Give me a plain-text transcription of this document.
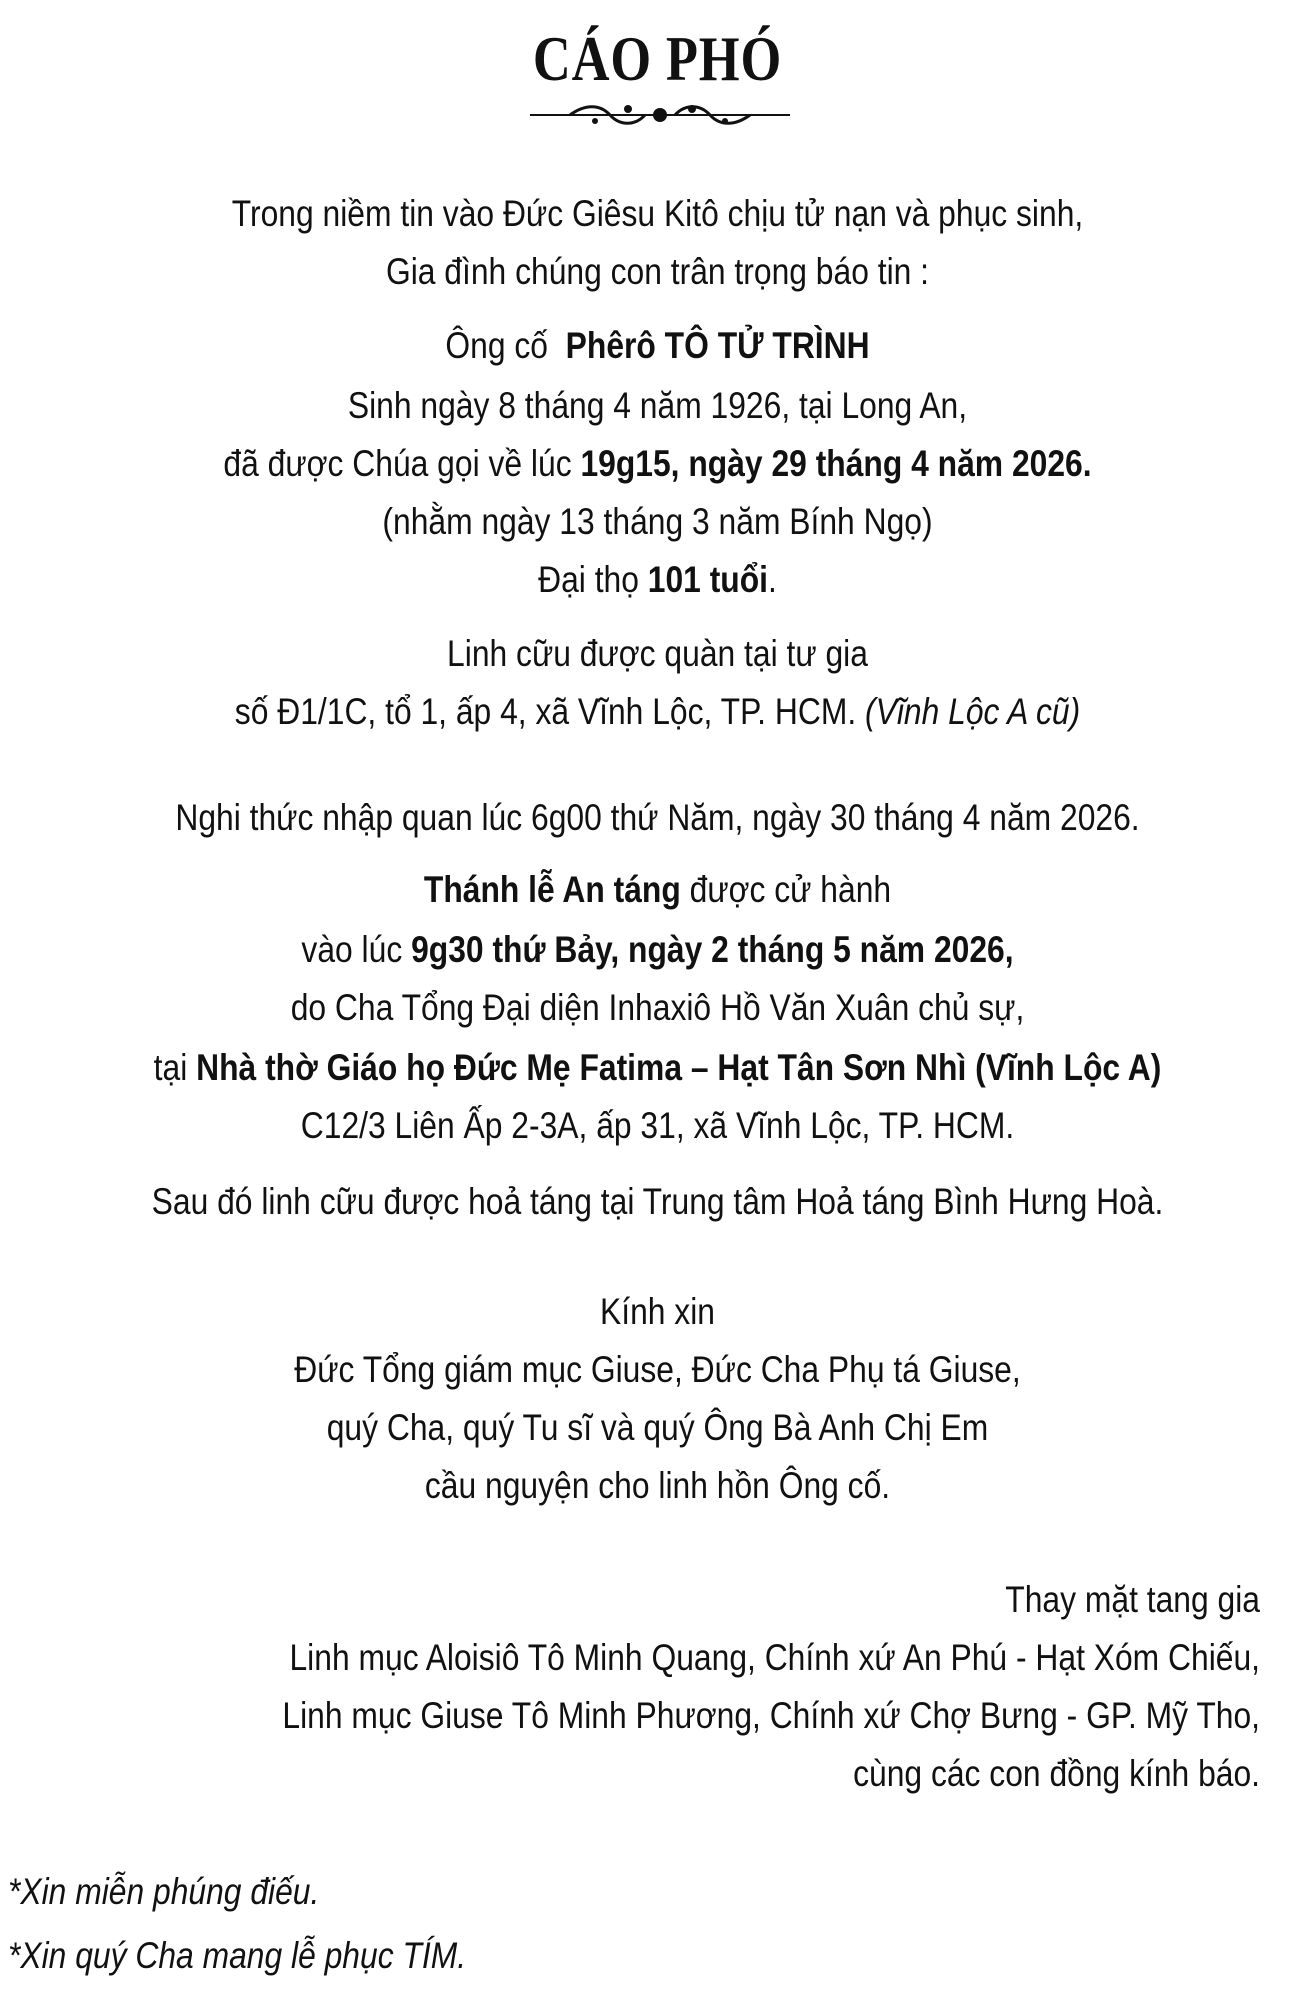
CÁO PHÓ
Trong niềm tin vào Đức Giêsu Kitô chịu tử nạn và phục sinh,
Gia đình chúng con trân trọng báo tin :
Ông cố Phêrô TÔ TỬ TRÌNH
Sinh ngày 8 tháng 4 năm 1926, tại Long An,
đã được Chúa gọi về lúc 19g15, ngày 29 tháng 4 năm 2026.
(nhằm ngày 13 tháng 3 năm Bính Ngọ)
Đại thọ 101 tuổi.
Linh cữu được quàn tại tư gia
số Đ1/1C, tổ 1, ấp 4, xã Vĩnh Lộc, TP. HCM. (Vĩnh Lộc A cũ)
Nghi thức nhập quan lúc 6g00 thứ Năm, ngày 30 tháng 4 năm 2026.
Thánh lễ An táng được cử hành
vào lúc 9g30 thứ Bảy, ngày 2 tháng 5 năm 2026,
do Cha Tổng Đại diện Inhaxiô Hồ Văn Xuân chủ sự,
tại Nhà thờ Giáo họ Đức Mẹ Fatima – Hạt Tân Sơn Nhì (Vĩnh Lộc A)
C12/3 Liên Ấp 2-3A, ấp 31, xã Vĩnh Lộc, TP. HCM.
Sau đó linh cữu được hoả táng tại Trung tâm Hoả táng Bình Hưng Hoà.
Kính xin
Đức Tổng giám mục Giuse, Đức Cha Phụ tá Giuse,
quý Cha, quý Tu sĩ và quý Ông Bà Anh Chị Em
cầu nguyện cho linh hồn Ông cố.
Thay mặt tang gia
Linh mục Aloisiô Tô Minh Quang, Chính xứ An Phú - Hạt Xóm Chiếu,
Linh mục Giuse Tô Minh Phương, Chính xứ Chợ Bưng - GP. Mỹ Tho,
cùng các con đồng kính báo.
*Xin miễn phúng điếu.
*Xin quý Cha mang lễ phục TÍM.
